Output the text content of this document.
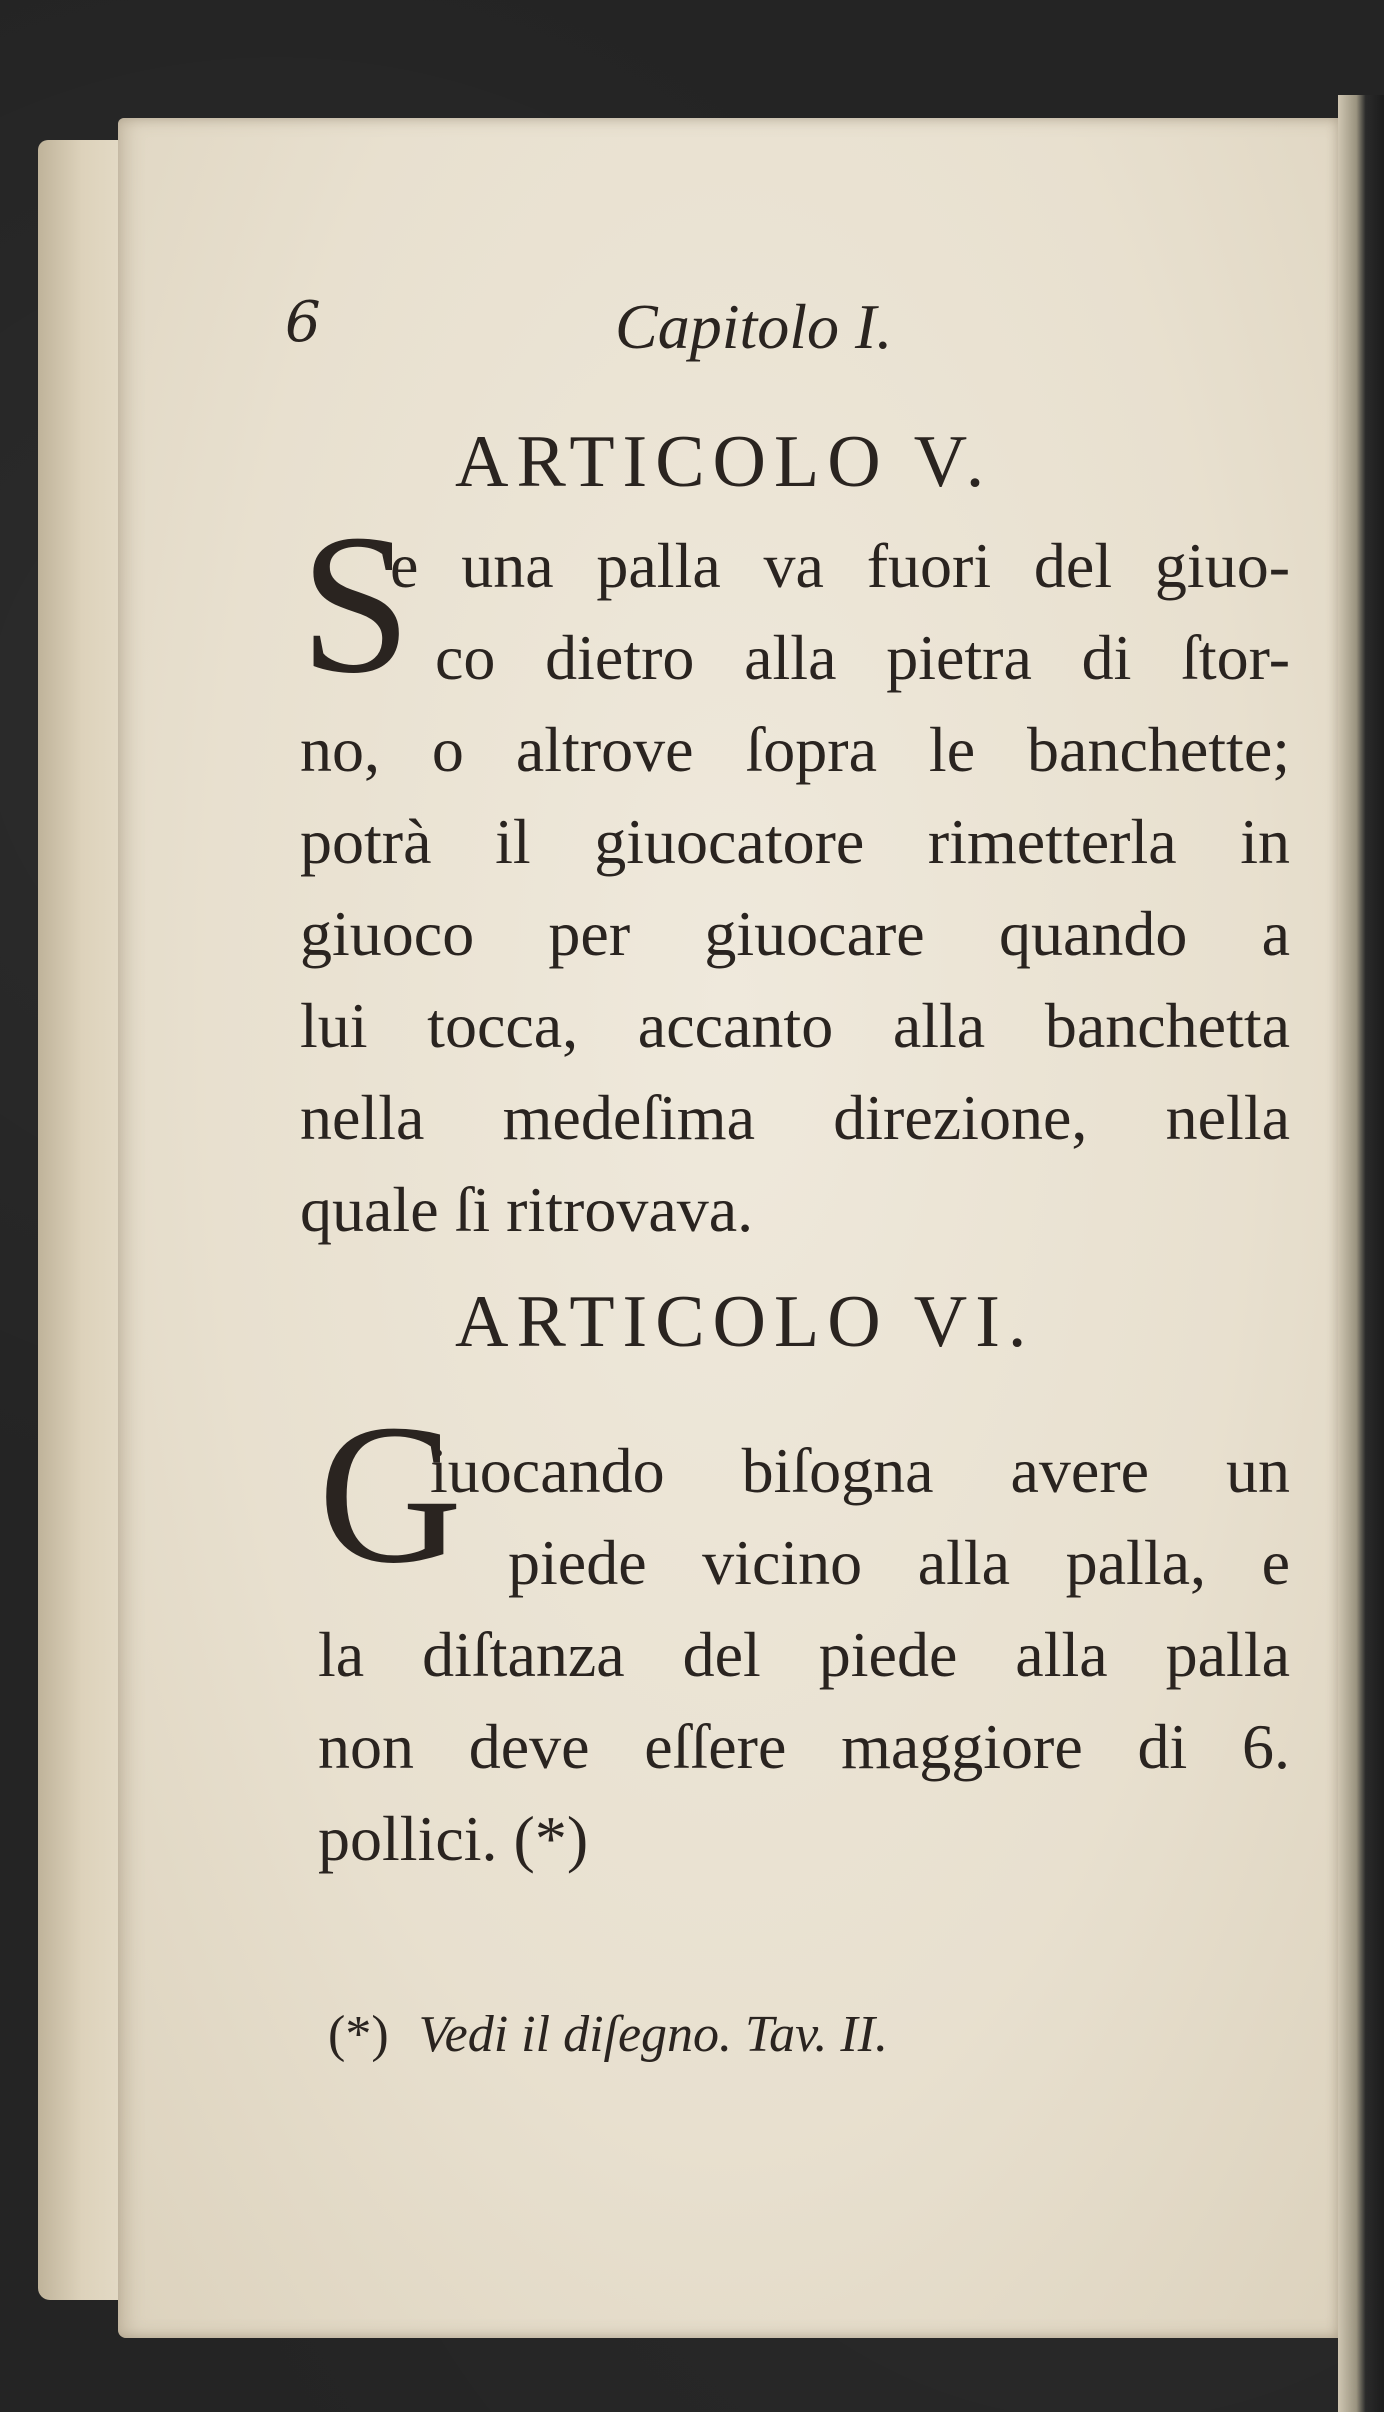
6	Capitolo I.
ARTICOLO V.
S
e una palla va fuori del giuo-
co dietro alla pietra di ſtor-
no, o altrove ſopra le banchette;
potrà il giuocatore rimetterla in
giuoco per giuocare quando a
lui tocca, accanto alla banchetta
nella medeſima direzione, nella
quale ſi ritrovava.
ARTICOLO VI.
G
iuocando biſogna avere un
piede vicino alla palla, e
la diſtanza del piede alla palla
non deve eſſere maggiore di 6.
pollici. (*)
(*) Vedi il diſegno. Tav. II.
